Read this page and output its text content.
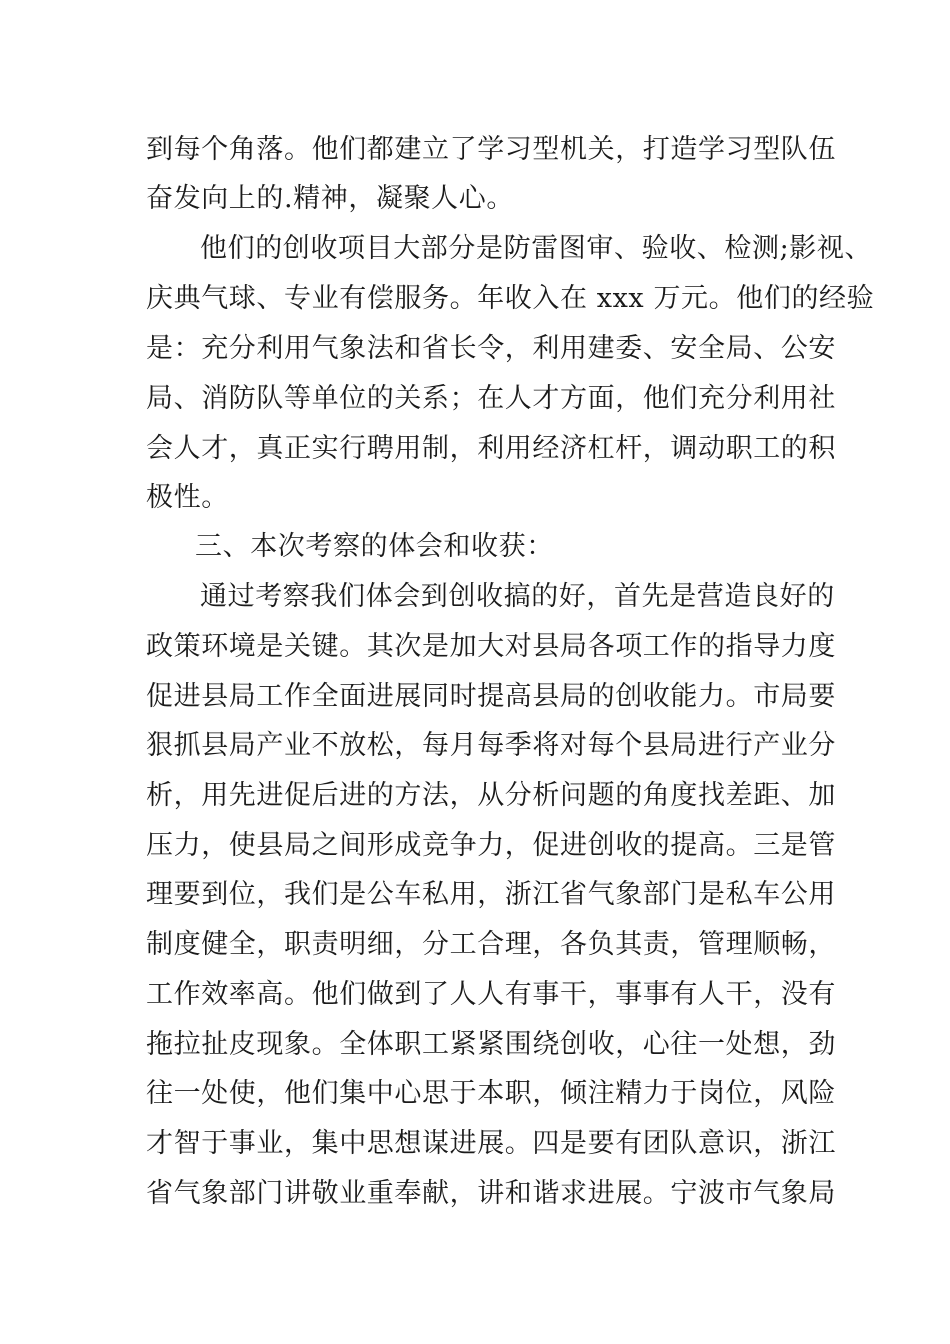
到每个角落。他们都建立了学习型机关，打造学习型队伍
奋发向上的.精神，凝聚人心。
他们的创收项目大部分是防雷图审、验收、检测;影视、
庆典气球、专业有偿服务。年收入在 xxx 万元。他们的经验
是：充分利用气象法和省长令，利用建委、安全局、公安
局、消防队等单位的关系；在人才方面，他们充分利用社
会人才，真正实行聘用制，利用经济杠杆，调动职工的积
极性。
三、本次考察的体会和收获：
通过考察我们体会到创收搞的好，首先是营造良好的
政策环境是关键。其次是加大对县局各项工作的指导力度
促进县局工作全面进展同时提高县局的创收能力。市局要
狠抓县局产业不放松，每月每季将对每个县局进行产业分
析，用先进促后进的方法，从分析问题的角度找差距、加
压力，使县局之间形成竞争力，促进创收的提高。三是管
理要到位，我们是公车私用，浙江省气象部门是私车公用
制度健全，职责明细，分工合理，各负其责，管理顺畅，
工作效率高。他们做到了人人有事干，事事有人干，没有
拖拉扯皮现象。全体职工紧紧围绕创收，心往一处想，劲
往一处使，他们集中心思于本职，倾注精力于岗位，风险
才智于事业，集中思想谋进展。四是要有团队意识，浙江
省气象部门讲敬业重奉献，讲和谐求进展。宁波市气象局
